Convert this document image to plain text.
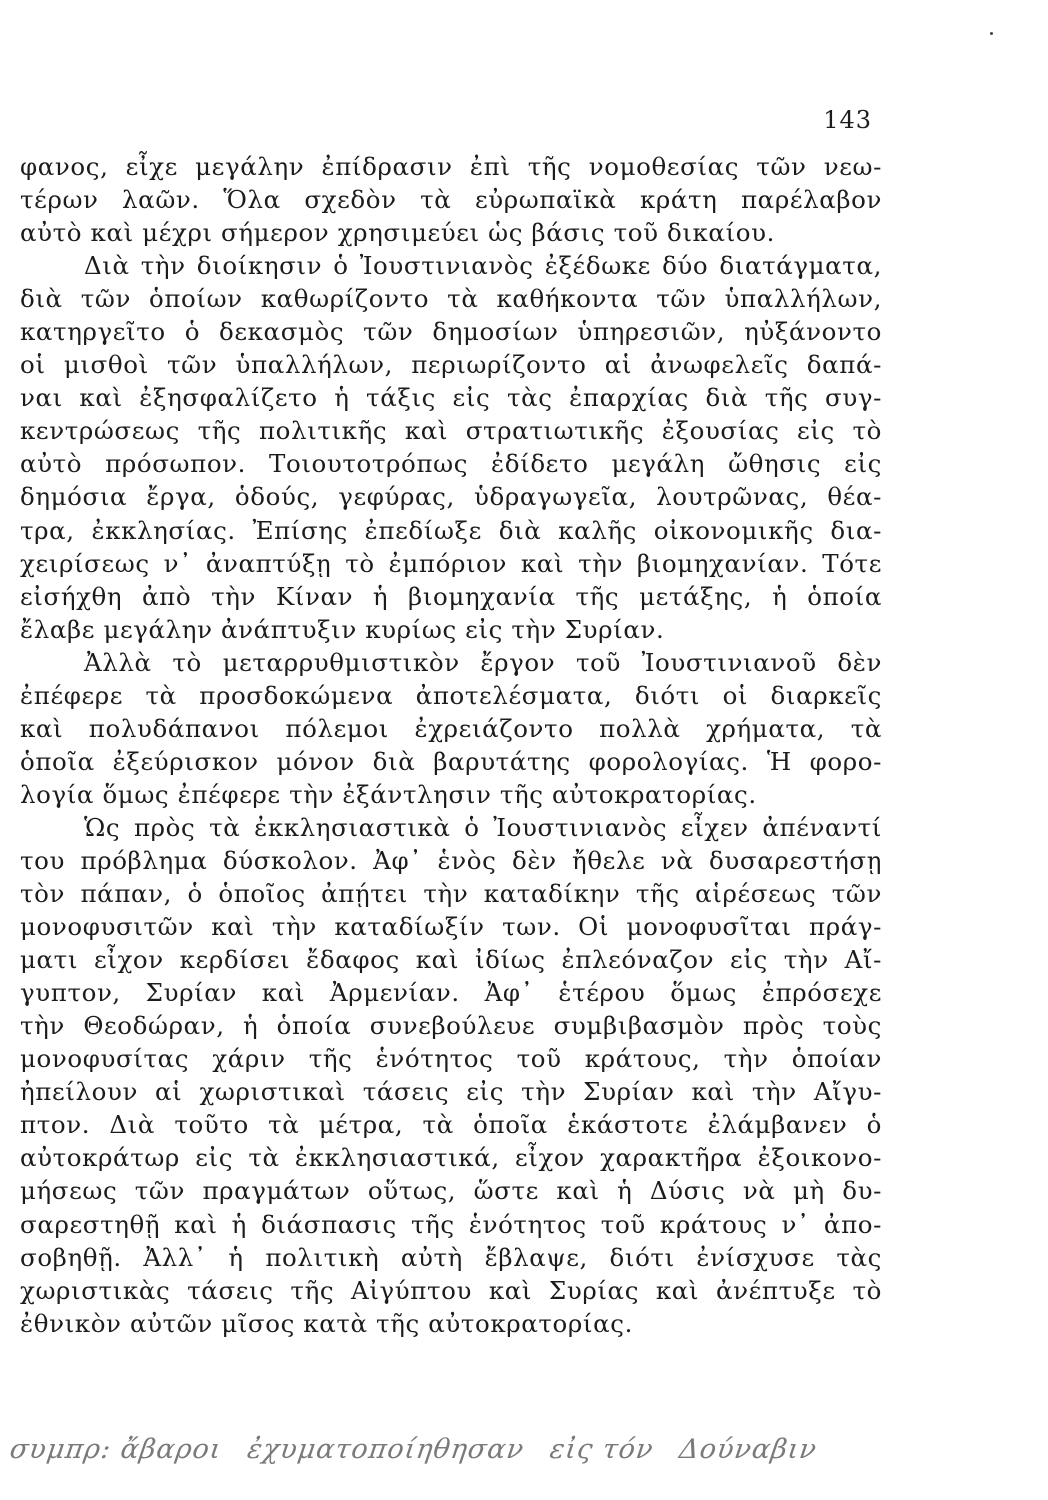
143
φανος, εἶχε μεγάλην ἐπίδρασιν ἐπὶ τῆς νομοθεσίας τῶν νεω-
τέρων λαῶν. Ὅλα σχεδὸν τὰ εὐρωπαϊκὰ κράτη παρέλαβον
αὐτὸ καὶ μέχρι σήμερον χρησιμεύει ὡς βάσις τοῦ δικαίου.
Διὰ τὴν διοίκησιν ὁ Ἰουστινιανὸς ἐξέδωκε δύο διατάγματα,
διὰ τῶν ὁποίων καθωρίζοντο τὰ καθήκοντα τῶν ὑπαλλήλων,
κατηργεῖτο ὁ δεκασμὸς τῶν δημοσίων ὑπηρεσιῶν, ηὐξάνοντο
οἱ μισθοὶ τῶν ὑπαλλήλων, περιωρίζοντο αἱ ἀνωφελεῖς δαπά-
ναι καὶ ἐξησφαλίζετο ἡ τάξις εἰς τὰς ἐπαρχίας διὰ τῆς συγ-
κεντρώσεως τῆς πολιτικῆς καὶ στρατιωτικῆς ἐξουσίας εἰς τὸ
αὐτὸ πρόσωπον. Τοιουτοτρόπως ἐδίδετο μεγάλη ὤθησις εἰς
δημόσια ἔργα, ὁδούς, γεφύρας, ὑδραγωγεῖα, λουτρῶνας, θέα-
τρα, ἐκκλησίας. Ἐπίσης ἐπεδίωξε διὰ καλῆς οἰκονομικῆς δια-
χειρίσεως ν᾽ ἀναπτύξῃ τὸ ἐμπόριον καὶ τὴν βιομηχανίαν. Τότε
εἰσήχθη ἀπὸ τὴν Κίναν ἡ βιομηχανία τῆς μετάξης, ἡ ὁποία
ἔλαβε μεγάλην ἀνάπτυξιν κυρίως εἰς τὴν Συρίαν.
Ἀλλὰ τὸ μεταρρυθμιστικὸν ἔργον τοῦ Ἰουστινιανοῦ δὲν
ἐπέφερε τὰ προσδοκώμενα ἀποτελέσματα, διότι οἱ διαρκεῖς
καὶ πολυδάπανοι πόλεμοι ἐχρειάζοντο πολλὰ χρήματα, τὰ
ὁποῖα ἐξεύρισκον μόνον διὰ βαρυτάτης φορολογίας. Ἡ φορο-
λογία ὅμως ἐπέφερε τὴν ἐξάντλησιν τῆς αὐτοκρατορίας.
Ὡς πρὸς τὰ ἐκκλησιαστικὰ ὁ Ἰουστινιανὸς εἶχεν ἀπέναντί
του πρόβλημα δύσκολον. Ἀφ᾽ ἑνὸς δὲν ἤθελε νὰ δυσαρεστήσῃ
τὸν πάπαν, ὁ ὁποῖος ἀπῄτει τὴν καταδίκην τῆς αἱρέσεως τῶν
μονοφυσιτῶν καὶ τὴν καταδίωξίν των. Οἱ μονοφυσῖται πράγ-
ματι εἶχον κερδίσει ἔδαφος καὶ ἰδίως ἐπλεόναζον εἰς τὴν Αἴ-
γυπτον, Συρίαν καὶ Ἀρμενίαν. Ἀφ᾽ ἑτέρου ὅμως ἐπρόσεχε
τὴν Θεοδώραν, ἡ ὁποία συνεβούλευε συμβιβασμὸν πρὸς τοὺς
μονοφυσίτας χάριν τῆς ἑνότητος τοῦ κράτους, τὴν ὁποίαν
ἠπείλουν αἱ χωριστικαὶ τάσεις εἰς τὴν Συρίαν καὶ τὴν Αἴγυ-
πτον. Διὰ τοῦτο τὰ μέτρα, τὰ ὁποῖα ἑκάστοτε ἐλάμβανεν ὁ
αὐτοκράτωρ εἰς τὰ ἐκκλησιαστικά, εἶχον χαρακτῆρα ἐξοικονο-
μήσεως τῶν πραγμάτων οὕτως, ὥστε καὶ ἡ Δύσις νὰ μὴ δυ-
σαρεστηθῇ καὶ ἡ διάσπασις τῆς ἑνότητος τοῦ κράτους ν᾽ ἀπο-
σοβηθῇ. Ἀλλ᾽ ἡ πολιτικὴ αὐτὴ ἔβλαψε, διότι ἐνίσχυσε τὰς
χωριστικὰς τάσεις τῆς Αἰγύπτου καὶ Συρίας καὶ ἀνέπτυξε τὸ
ἐθνικὸν αὐτῶν μῖσος κατὰ τῆς αὐτοκρατορίας.
συμπρ: ἄβαροι ἐχυματοποίηθησαν εἰς τόν Δούναβιν
